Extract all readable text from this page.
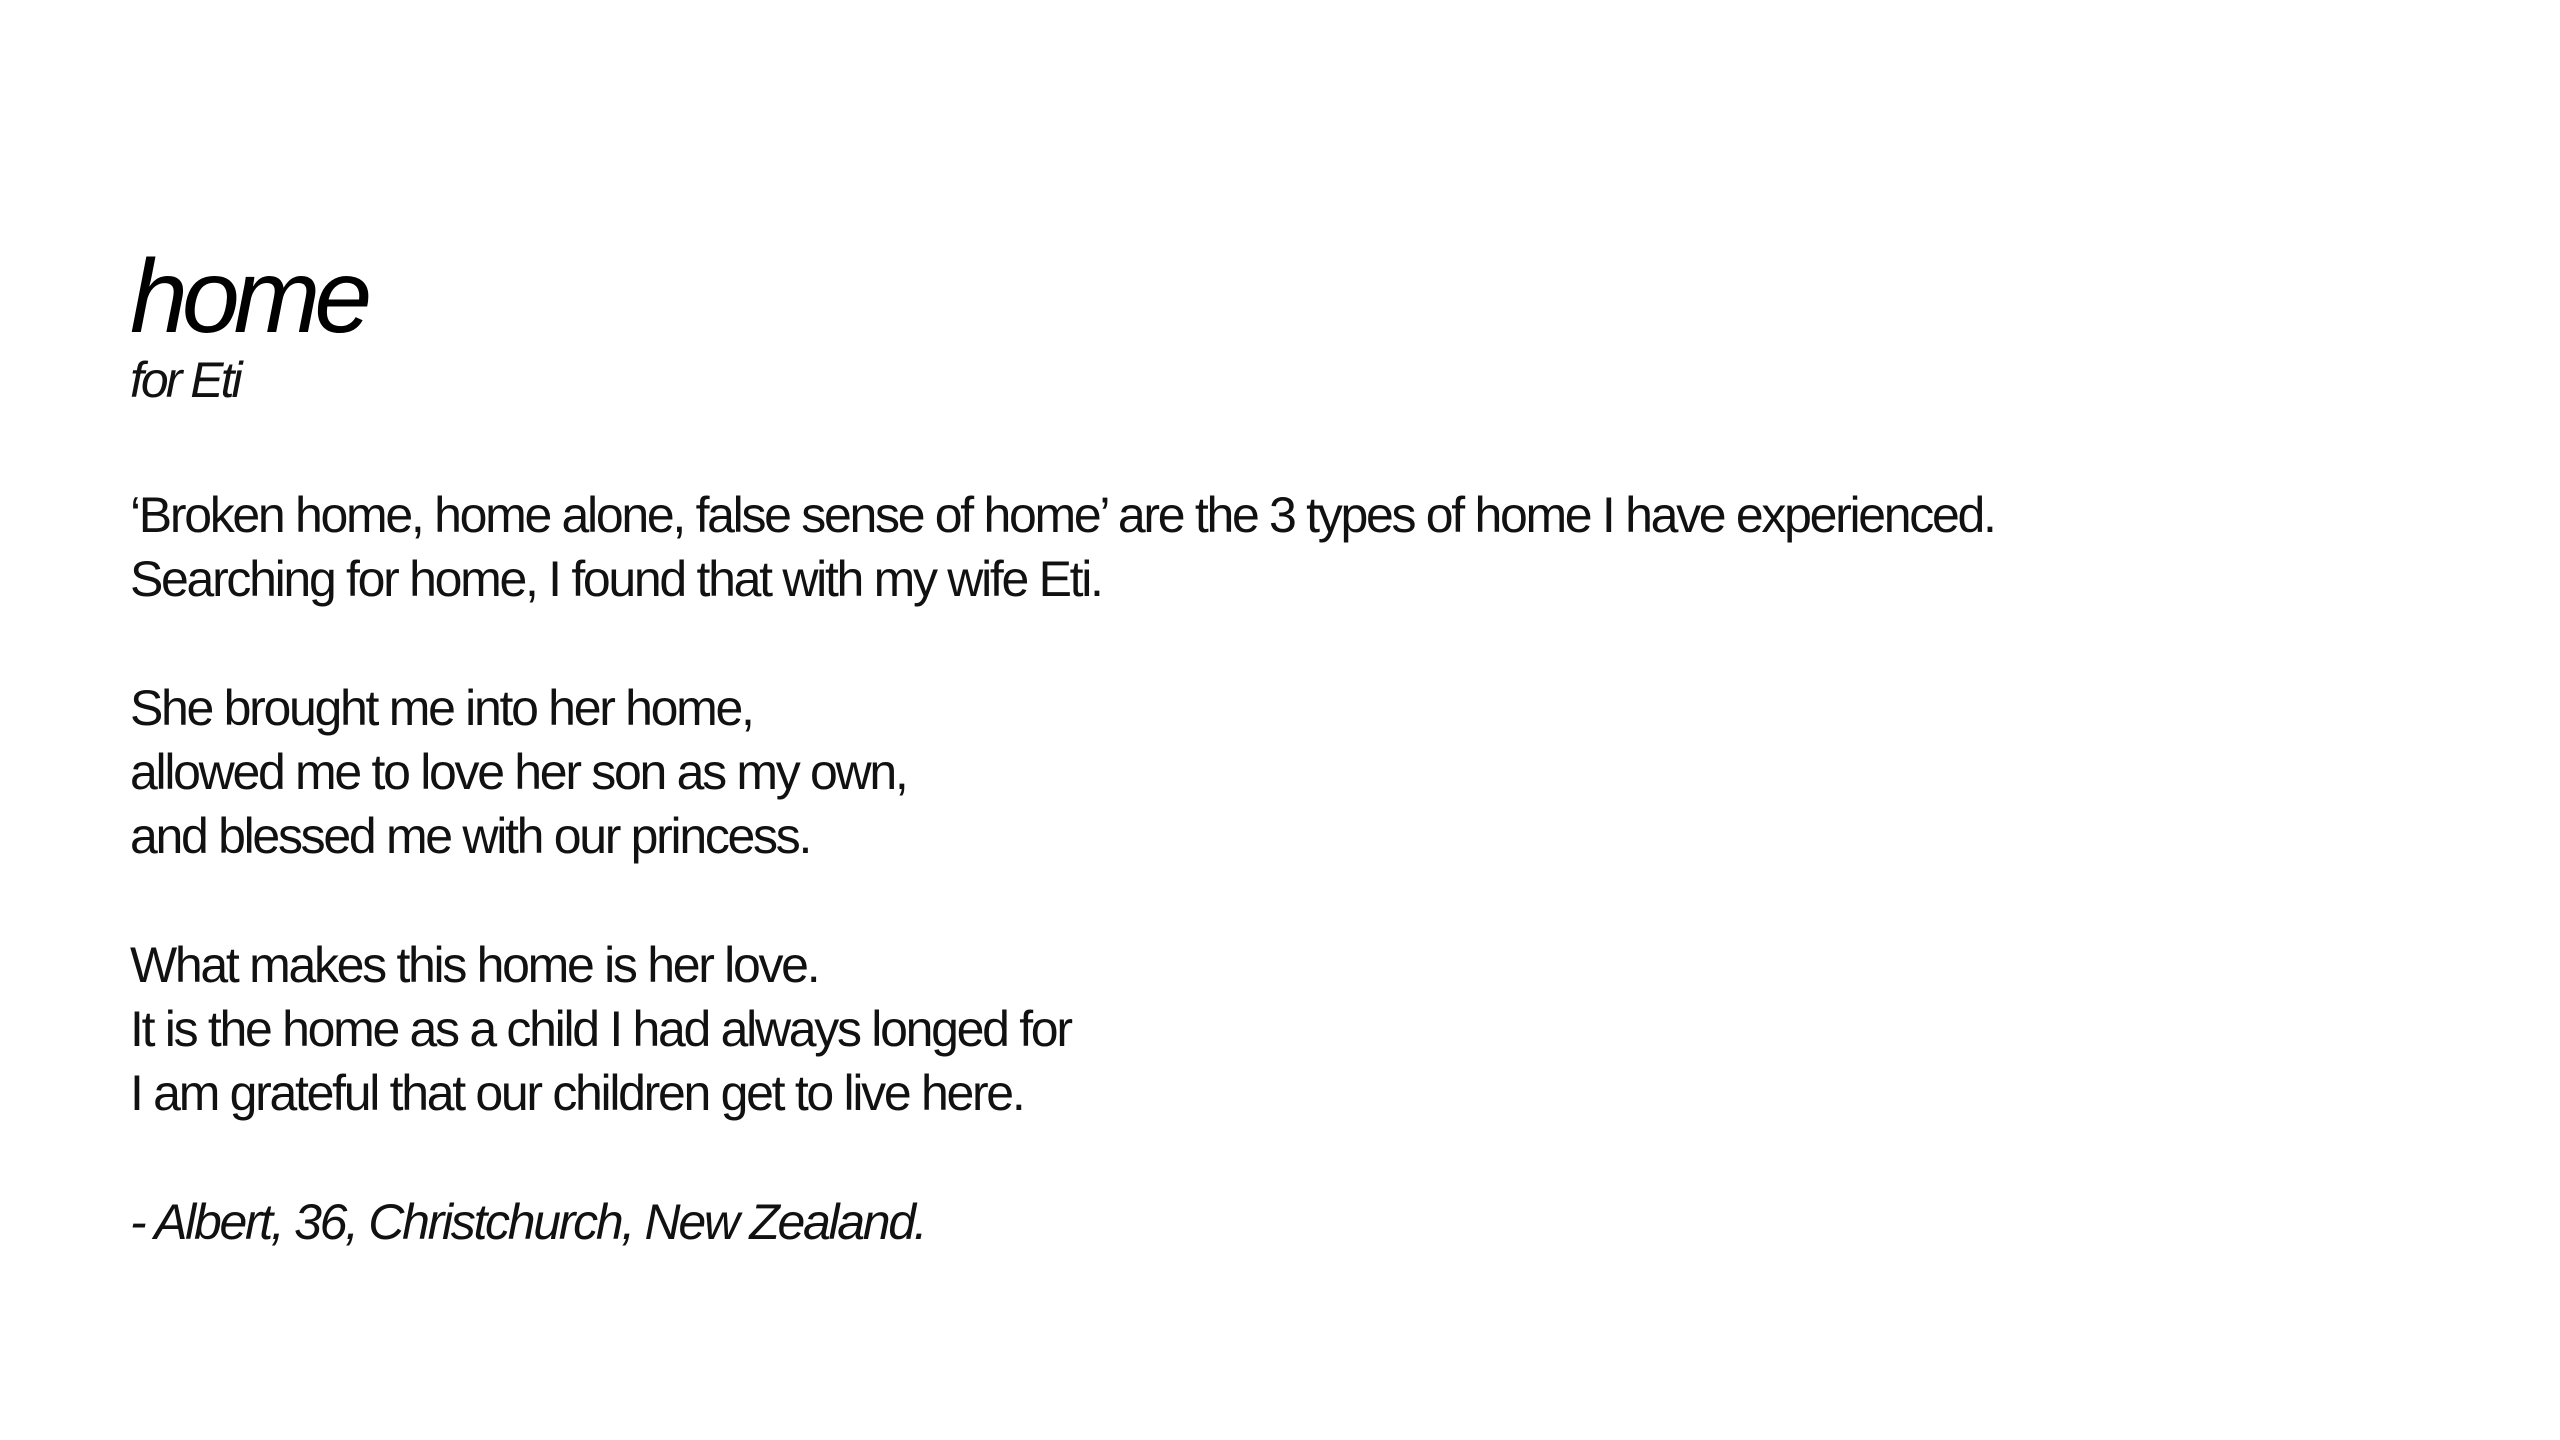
home
for Eti
‘Broken home, home alone, false sense of home’ are the 3 types of home I have experienced.
Searching for home, I found that with my wife Eti.
She brought me into her home,
allowed me to love her son as my own,
and blessed me with our princess.
What makes this home is her love.
It is the home as a child I had always longed for
I am grateful that our children get to live here.
- Albert, 36, Christchurch, New Zealand.
